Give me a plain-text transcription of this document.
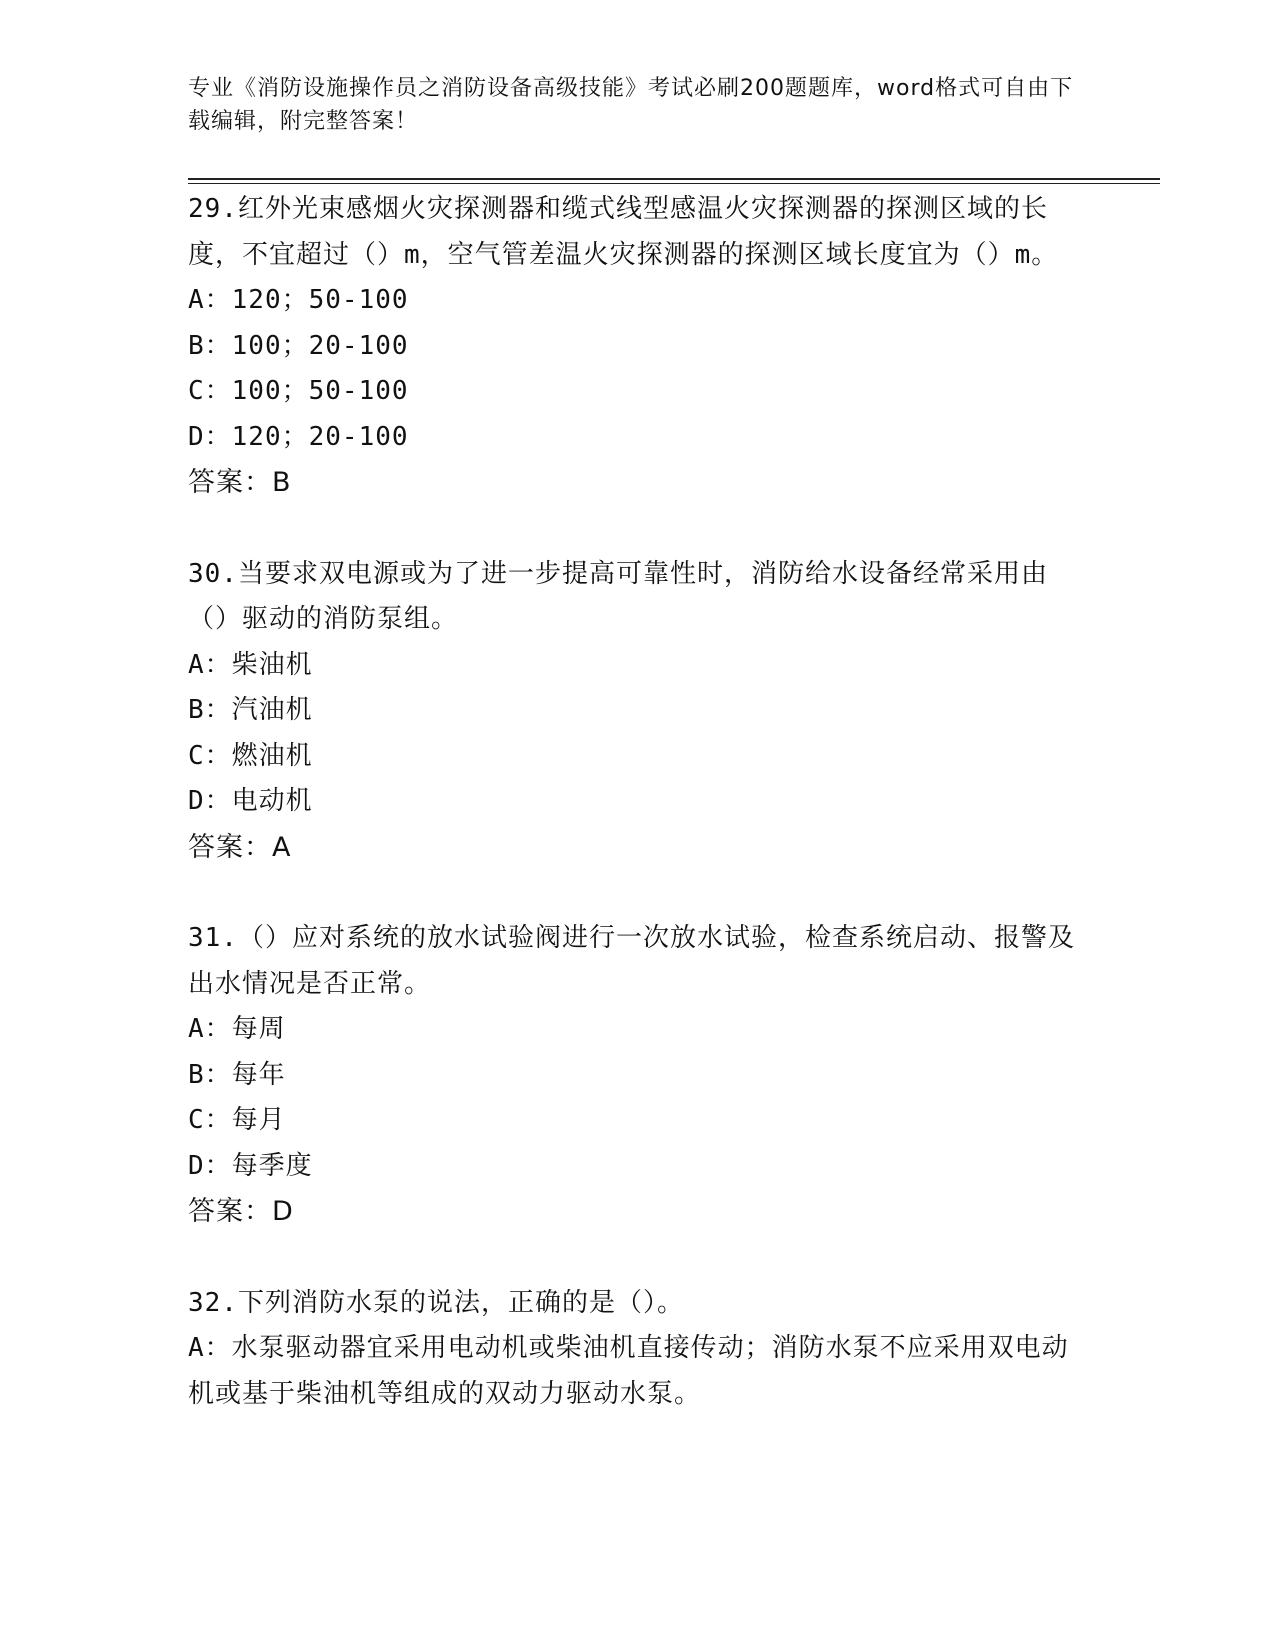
专业《消防设施操作员之消防设备高级技能》考试必刷200题题库，word格式可自由下载编辑，附完整答案！

29.红外光束感烟火灾探测器和缆式线型感温火灾探测器的探测区域的长度，不宜超过（）m，空气管差温火灾探测器的探测区域长度宜为（）m。

A：120；50-100

B：100；20-100

C：100；50-100

D：120；20-100

答案：B

30.当要求双电源或为了进一步提高可靠性时，消防给水设备经常采用由（）驱动的消防泵组。

A：柴油机

B：汽油机

C：燃油机

D：电动机

答案：A

31.（）应对系统的放水试验阀进行一次放水试验，检查系统启动、报警及出水情况是否正常。

A：每周

B：每年

C：每月

D：每季度

答案：D

32.下列消防水泵的说法，正确的是（）。

A：水泵驱动器宜采用电动机或柴油机直接传动；消防水泵不应采用双电动机或基于柴油机等组成的双动力驱动水泵。
